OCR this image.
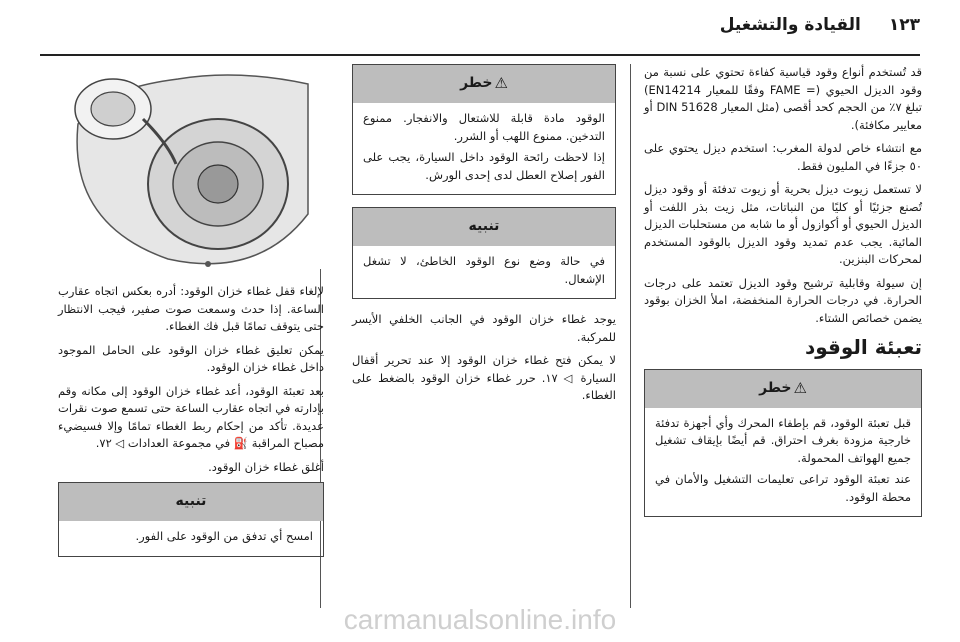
١٢٣
القيادة والتشغيل

قد تُستخدم أنواع وقود قياسية كفاءة تحتوي على نسبة من وقود الديزل الحيوي (= FAME وفقًا للمعيار EN14214) تبلغ ٧٪ من الحجم كحد أقصى (مثل المعيار DIN 51628 أو معايير مكافئة).

مع انتشاء خاص لدولة المغرب: استخدم ديزل يحتوي على ٥٠ جزءًا في المليون فقط.

لا تستعمل زيوت ديزل بحرية أو زيوت تدفئة أو وقود ديزل تُصنع جزئيًا أو كليًا من النباتات، مثل زيت بذر اللفت أو الديزل الحيوي أو أكوازول أو ما شابه من مستحلبات الديزل المائية. يجب عدم تمديد وقود الديزل بالوقود المستخدم لمحركات البنزين.

إن سيولة وقابلية ترشيح وقود الديزل تعتمد على درجات الحرارة. في درجات الحرارة المنخفضة، املأ الخزان بوقود يضمن خصائص الشتاء.

تعبئة الوقود
⚠
خطر

قبل تعبئة الوقود، قم بإطفاء المحرك وأي أجهزة تدفئة خارجية مزودة بغرف احتراق. قم أيضًا بإيقاف تشغيل جميع الهواتف المحمولة.

عند تعبئة الوقود تراعى تعليمات التشغيل والأمان في محطة الوقود.

⚠
خطر

الوقود مادة قابلة للاشتعال والانفجار. ممنوع التدخين. ممنوع اللهب أو الشرر.

إذا لاحظت رائحة الوقود داخل السيارة، يجب على الفور إصلاح العطل لدى إحدى الورش.

تنبيه

في حالة وضع نوع الوقود الخاطئ، لا تشغل الإشعال.

يوجد غطاء خزان الوقود في الجانب الخلفي الأيسر للمركبة.

لا يمكن فتح غطاء خزان الوقود إلا عند تحرير أقفال السيارة ◁ ١٧. حرر غطاء خزان الوقود بالضغط على الغطاء.

لإلغاء قفل غطاء خزان الوقود: أدره بعكس اتجاه عقارب الساعة. إذا حدث وسمعت صوت صفير، فيجب الانتظار حتى يتوقف تمامًا قبل فك الغطاء.

يمكن تعليق غطاء خزان الوقود على الحامل الموجود داخل غطاء خزان الوقود.

بعد تعبئة الوقود، أعد غطاء خزان الوقود إلى مكانه وقم بإدارته في اتجاه عقارب الساعة حتى تسمع صوت نقرات عديدة. تأكد من إحكام ربط الغطاء تمامًا وإلا فسيضيء مصباح المراقبة ⛽ في مجموعة العدادات ◁ ٧٢.

أغلق غطاء خزان الوقود.

تنبيه

امسح أي تدفق من الوقود على الفور.

carmanualsonline.info
